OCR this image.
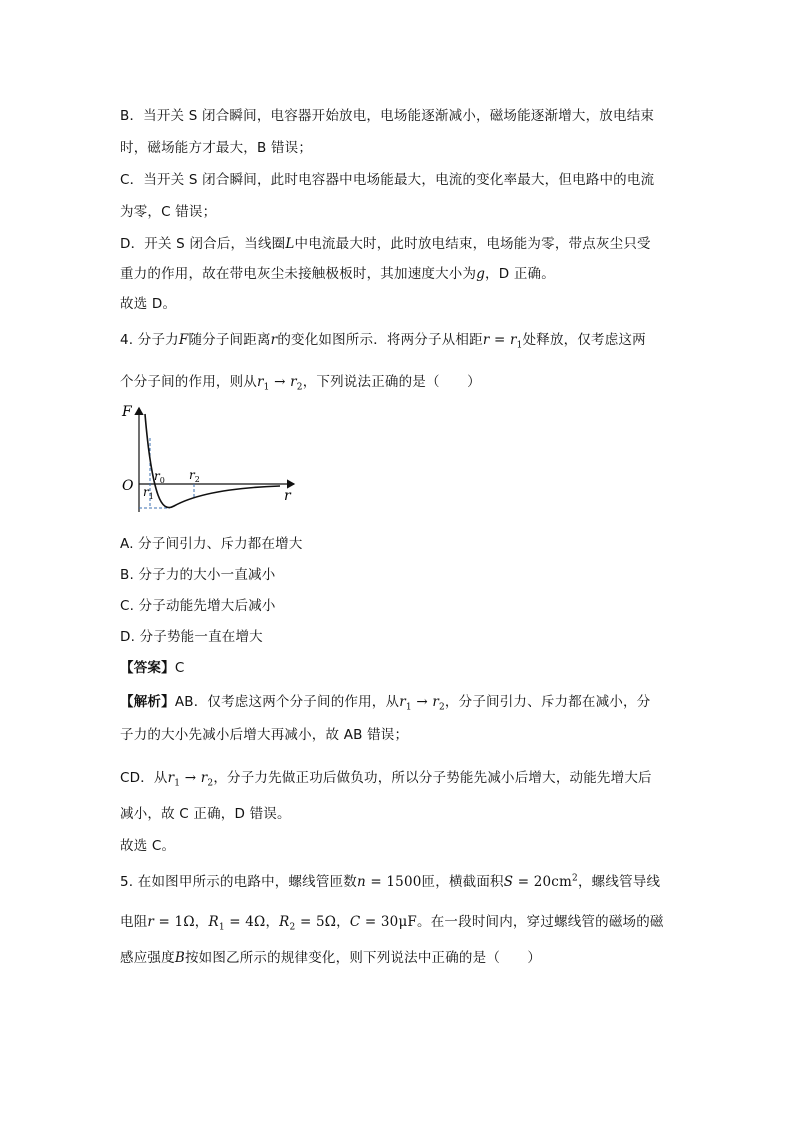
B．当开关 S 闭合瞬间，电容器开始放电，电场能逐渐减小，磁场能逐渐增大，放电结束
时，磁场能方才最大，B 错误；
C．当开关 S 闭合瞬间，此时电容器中电场能最大，电流的变化率最大，但电路中的电流
为零，C 错误；
D．开关 S 闭合后，当线圈L中电流最大时，此时放电结束，电场能为零，带点灰尘只受
重力的作用，故在带电灰尘未接触极板时，其加速度大小为g，D 正确。
故选 D。
4. 分子力F随分子间距离r的变化如图所示．将两分子从相距$r = r_1$处释放，仅考虑这两
个分子间的作用，则从$r_1 \to r_2$，下列说法正确的是（　　）
F
O
r
$r_0$
$r_1$
$r_2$
A. 分子间引力、斥力都在增大
B. 分子力的大小一直减小
C. 分子动能先增大后减小
D. 分子势能一直在增大
【答案】C
【解析】AB．仅考虑这两个分子间的作用，从$r_1 \to r_2$，分子间引力、斥力都在减小，分
子力的大小先减小后增大再减小，故 AB 错误；
CD．从$r_1 \to r_2$，分子力先做正功后做负功，所以分子势能先减小后增大，动能先增大后
减小，故 C 正确，D 错误。
故选 C。
5. 在如图甲所示的电路中，螺线管匝数n = 1500匝，横截面积$S = 20cm^2$，螺线管导线
电阻r = 1Ω，$R_1 = 4\Omega$，$R_2 = 5\Omega$，C = 30μF。在一段时间内，穿过螺线管的磁场的磁
感应强度B按如图乙所示的规律变化，则下列说法中正确的是（　　）
